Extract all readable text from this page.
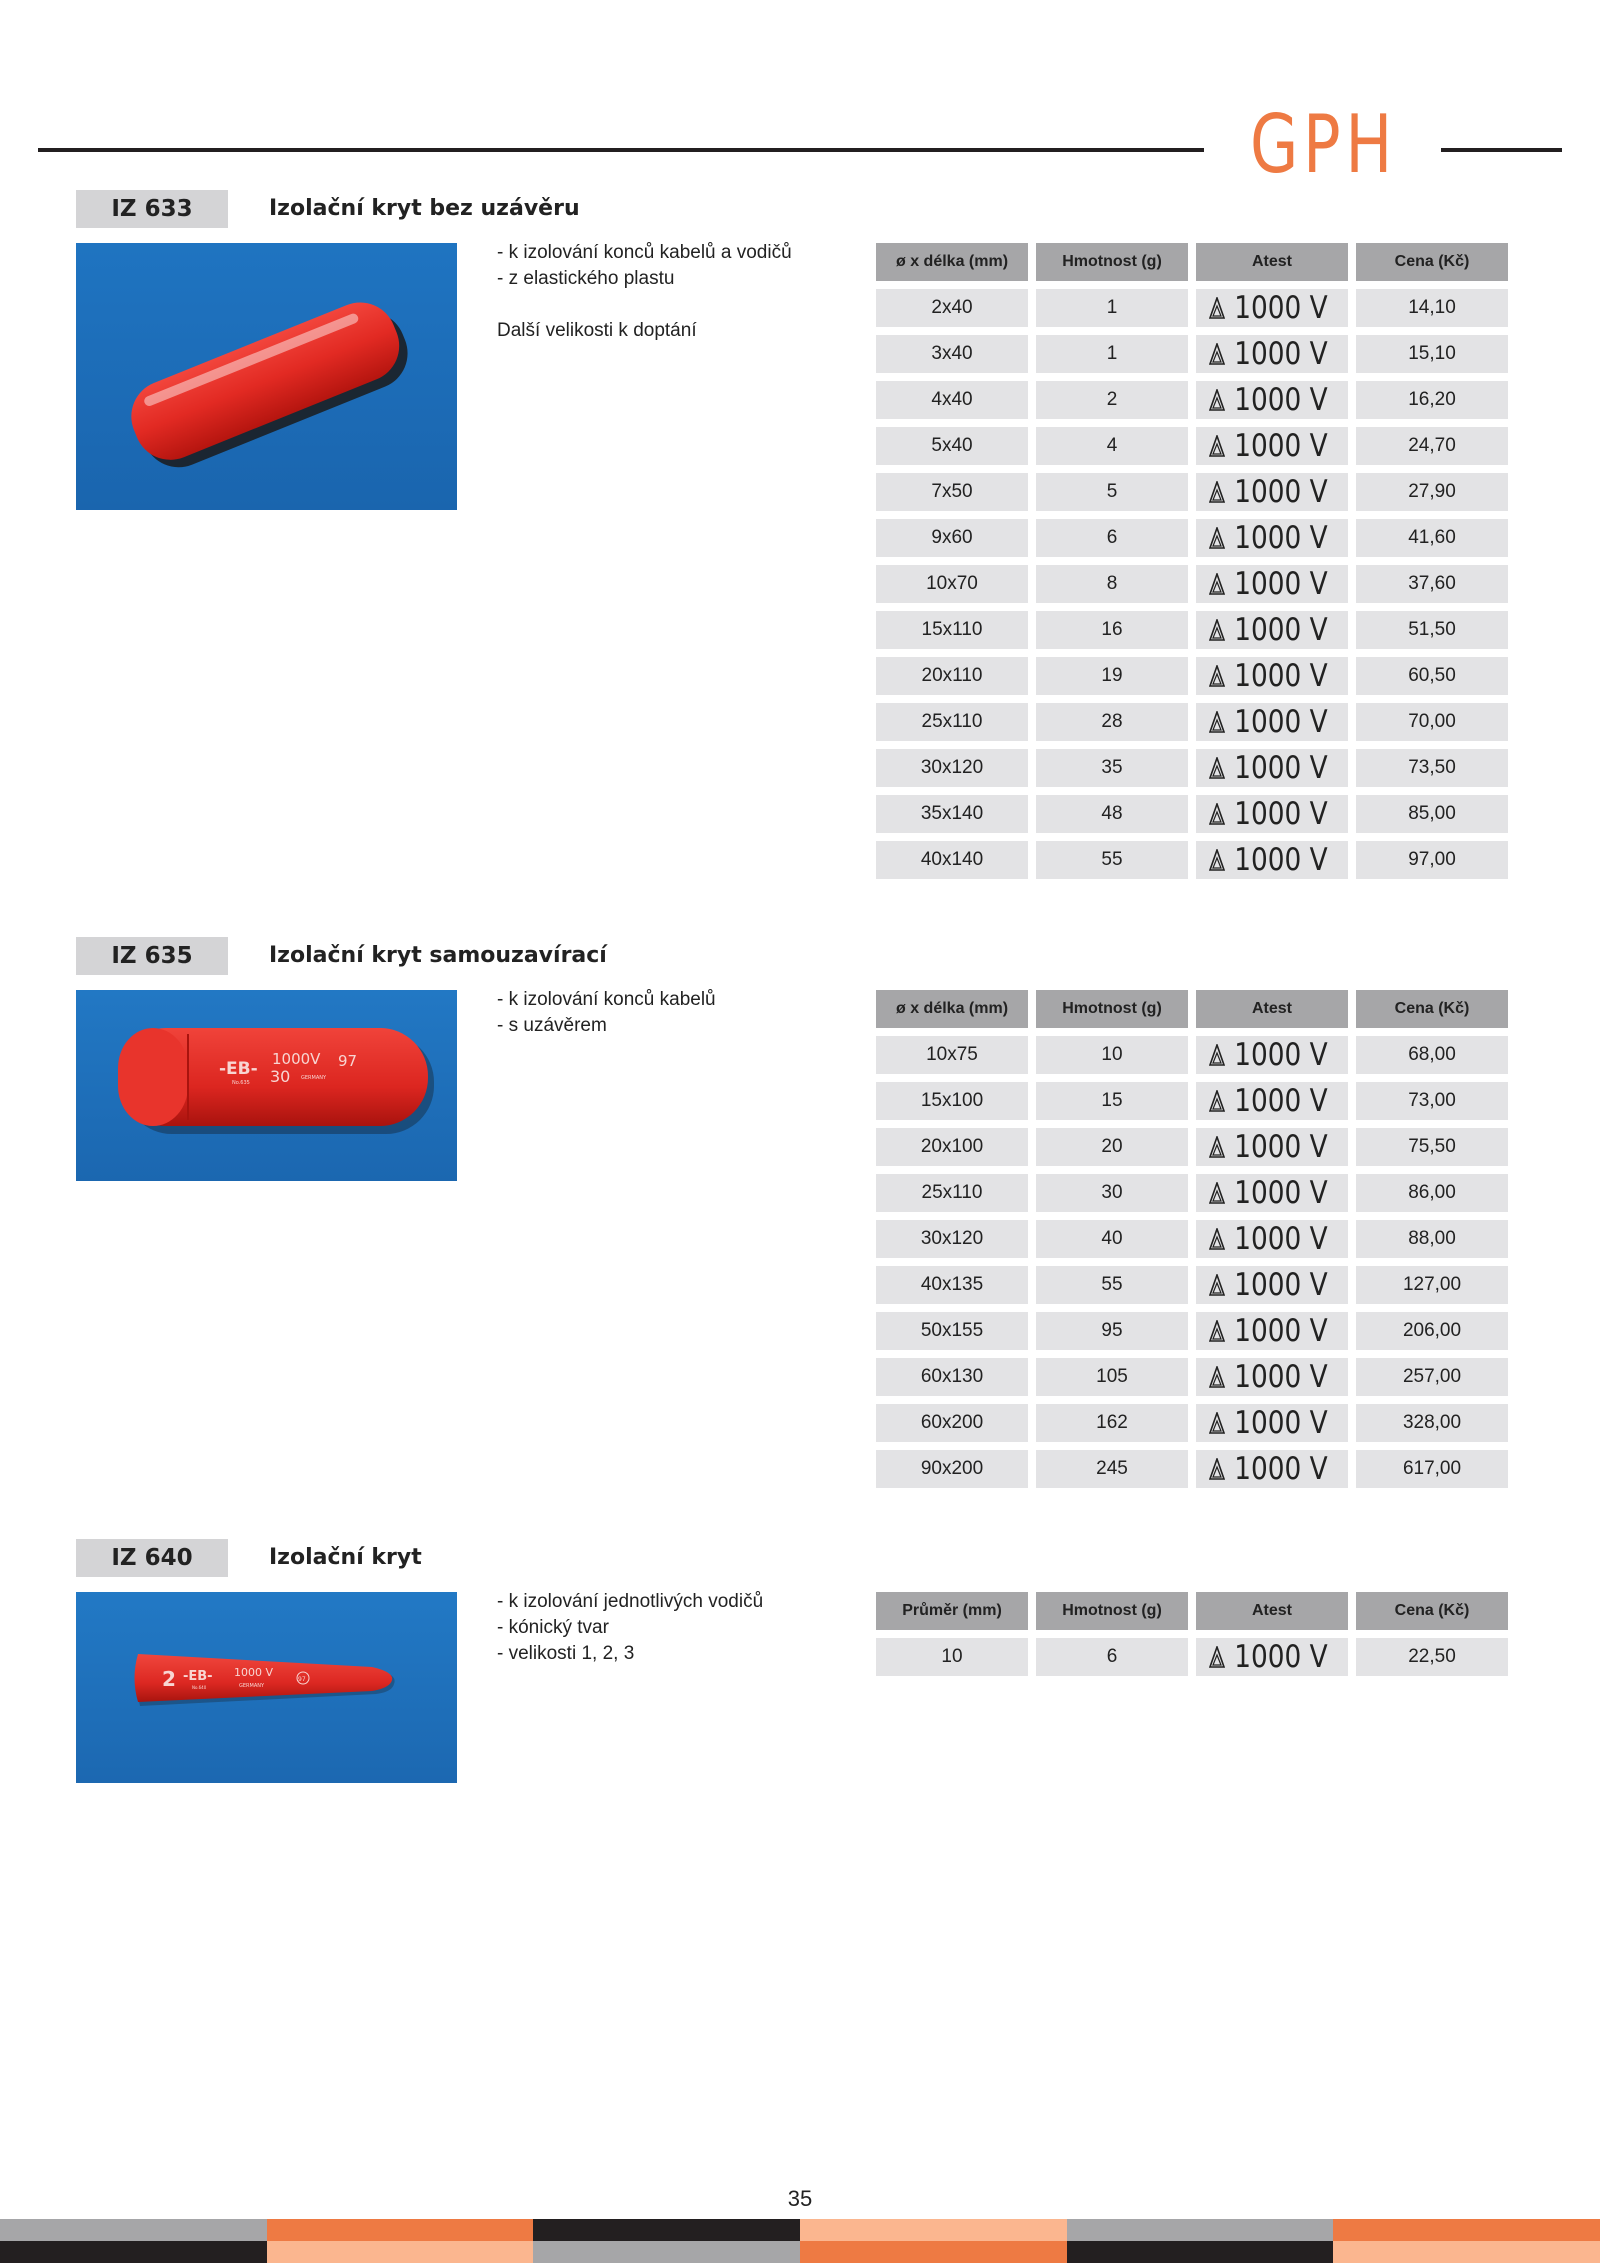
GPH
IZ 633	Izolační kryt bez uzávěru
- k izolování konců kabelů a vodičů
- z elastického plastu
Další velikosti k doptání
ø x délka (mm)	Hmotnost (g)	Atest	Cena (Kč)
2x40	1	1000 V	14,10
3x40	1	1000 V	15,10
4x40	2	1000 V	16,20
5x40	4	1000 V	24,70
7x50	5	1000 V	27,90
9x60	6	1000 V	41,60
10x70	8	1000 V	37,60
15x110	16	1000 V	51,50
20x110	19	1000 V	60,50
25x110	28	1000 V	70,00
30x120	35	1000 V	73,50
35x140	48	1000 V	85,00
40x140	55	1000 V	97,00
IZ 635	Izolační kryt samouzavírací
-EB- 1000V 97
30
No.635
GERMANY
- k izolování konců kabelů
- s uzávěrem
ø x délka (mm)	Hmotnost (g)	Atest	Cena (Kč)
10x75	10	1000 V	68,00
15x100	15	1000 V	73,00
20x100	20	1000 V	75,50
25x110	30	1000 V	86,00
30x120	40	1000 V	88,00
40x135	55	1000 V	127,00
50x155	95	1000 V	206,00
60x130	105	1000 V	257,00
60x200	162	1000 V	328,00
90x200	245	1000 V	617,00
IZ 640	Izolační kryt
2 -EB- 1000 V
No.640	GERMANY
97
- k izolování jednotlivých vodičů
- kónický tvar
- velikosti 1, 2, 3
Průměr (mm)	Hmotnost (g)	Atest	Cena (Kč)
10	6	1000 V	22,50
35
